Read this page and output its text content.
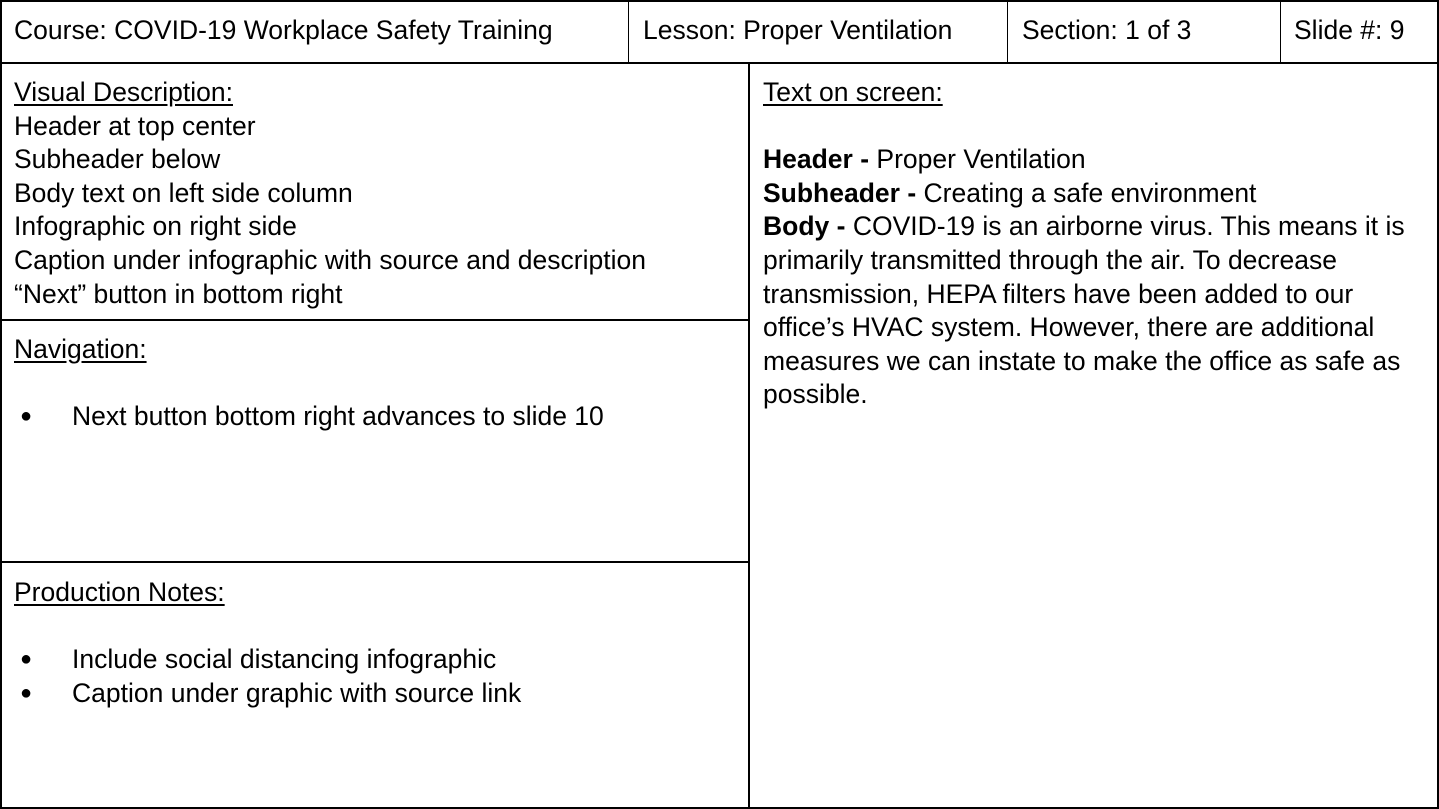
Course: COVID-19 Workplace Safety Training	Lesson: Proper Ventilation	Section: 1 of 3	Slide #: 9
Visual Description:
Header at top center
Subheader below
Body text on left side column
Infographic on right side
Caption under infographic with source and description
“Next” button in bottom right
Navigation:
● Next button bottom right advances to slide 10
Production Notes:
● Include social distancing infographic
● Caption under graphic with source link
Text on screen:
Header - Proper Ventilation
Subheader - Creating a safe environment
Body - COVID-19 is an airborne virus. This means it is primarily transmitted through the air. To decrease transmission, HEPA filters have been added to our office’s HVAC system. However, there are additional measures we can instate to make the office as safe as possible.
